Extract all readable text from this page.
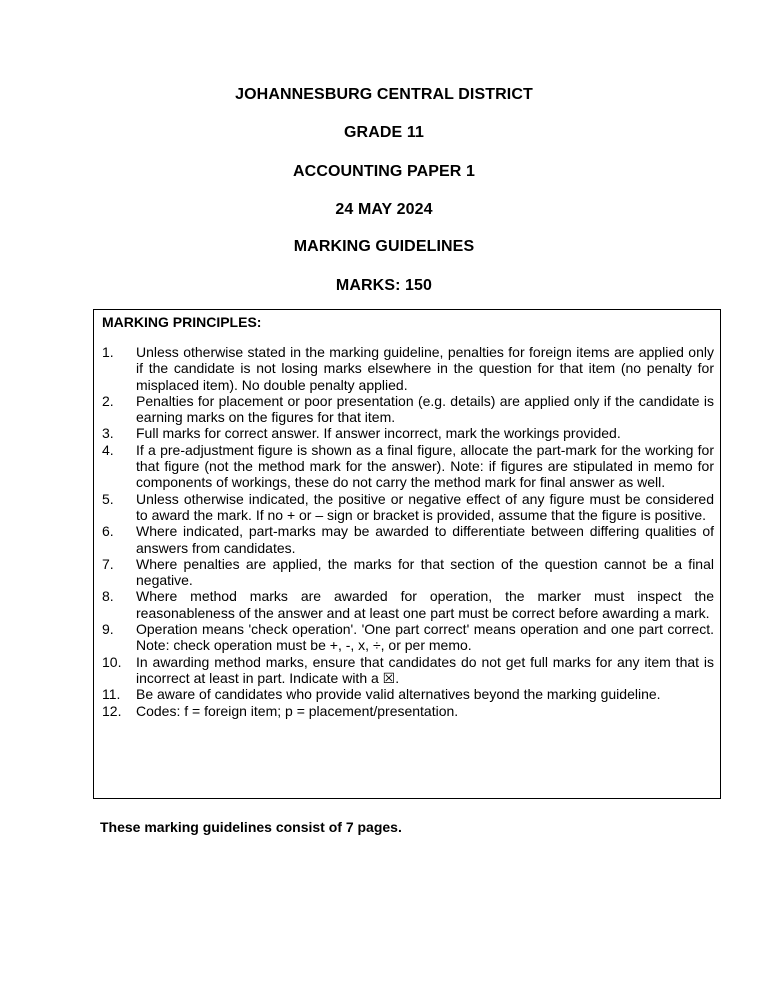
JOHANNESBURG CENTRAL DISTRICT
GRADE 11
ACCOUNTING PAPER 1
24 MAY 2024
MARKING GUIDELINES
MARKS: 150
MARKING PRINCIPLES:
1.	Unless otherwise stated in the marking guideline, penalties for foreign items are applied only if the candidate is not losing marks elsewhere in the question for that item (no penalty for misplaced item). No double penalty applied.
2.	Penalties for placement or poor presentation (e.g. details) are applied only if the candidate is earning marks on the figures for that item.
3.	Full marks for correct answer. If answer incorrect, mark the workings provided.
4.	If a pre-adjustment figure is shown as a final figure, allocate the part-mark for the working for that figure (not the method mark for the answer). Note: if figures are stipulated in memo for components of workings, these do not carry the method mark for final answer as well.
5.	Unless otherwise indicated, the positive or negative effect of any figure must be considered to award the mark. If no + or – sign or bracket is provided, assume that the figure is positive.
6.	Where indicated, part-marks may be awarded to differentiate between differing qualities of answers from candidates.
7.	Where penalties are applied, the marks for that section of the question cannot be a final negative.
8.	Where method marks are awarded for operation, the marker must inspect the reasonableness of the answer and at least one part must be correct before awarding a mark.
9.	Operation means 'check operation'. 'One part correct' means operation and one part correct. Note: check operation must be +, -, x, ÷, or per memo.
10.	In awarding method marks, ensure that candidates do not get full marks for any item that is incorrect at least in part. Indicate with a ☒.
11.	Be aware of candidates who provide valid alternatives beyond the marking guideline.
12.	Codes: f = foreign item; p = placement/presentation.
These marking guidelines consist of 7 pages.
